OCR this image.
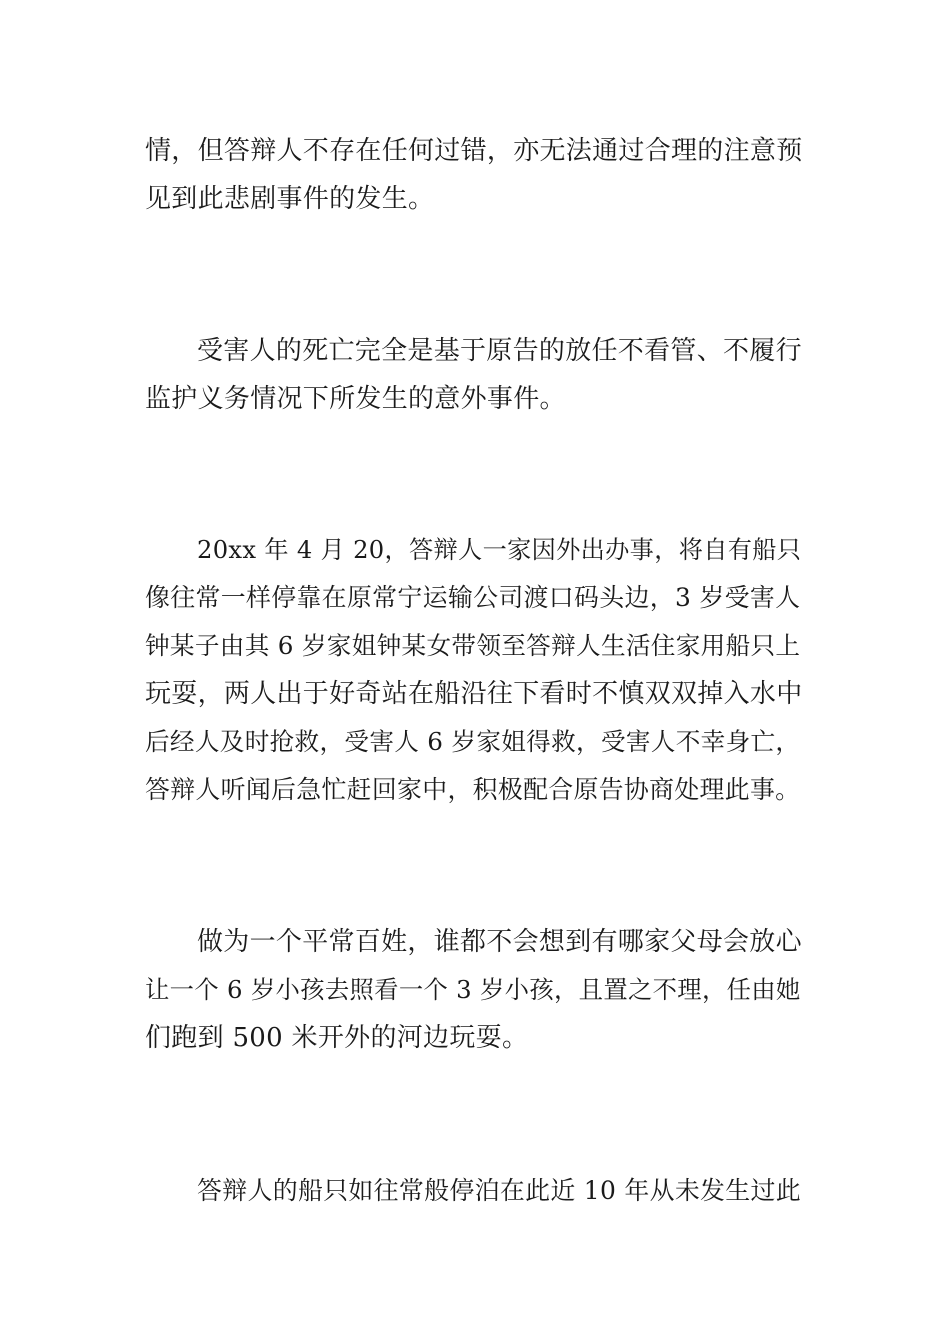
情，但答辩人不存在任何过错，亦无法通过合理的注意预
见到此悲剧事件的发生。

受害人的死亡完全是基于原告的放任不看管、不履行
监护义务情况下所发生的意外事件。

20xx 年 4 月 20，答辩人一家因外出办事，将自有船只
像往常一样停靠在原常宁运输公司渡口码头边，3 岁受害人
钟某子由其 6 岁家姐钟某女带领至答辩人生活住家用船只上
玩耍，两人出于好奇站在船沿往下看时不慎双双掉入水中
后经人及时抢救，受害人 6 岁家姐得救，受害人不幸身亡，
答辩人听闻后急忙赶回家中，积极配合原告协商处理此事。

做为一个平常百姓，谁都不会想到有哪家父母会放心
让一个 6 岁小孩去照看一个 3 岁小孩，且置之不理，任由她
们跑到 500 米开外的河边玩耍。

答辩人的船只如往常般停泊在此近 10 年从未发生过此
